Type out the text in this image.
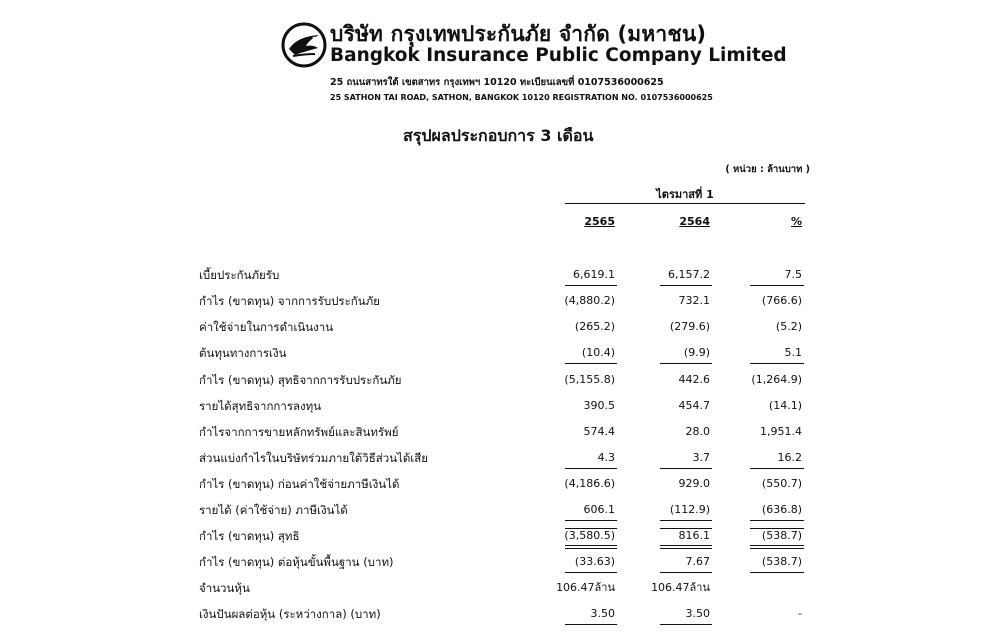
บริษัท กรุงเทพประกันภัย จำกัด (มหาชน)
Bangkok Insurance Public Company Limited
25 ถนนสาทรใต้ เขตสาทร กรุงเทพฯ 10120 ทะเบียนเลขที่ 0107536000625
25 SATHON TAI ROAD, SATHON, BANGKOK 10120 REGISTRATION NO. 0107536000625
สรุปผลประกอบการ 3 เดือน
( หน่วย : ล้านบาท )
ไตรมาสที่ 1
2565	2564	%
เบี้ยประกันภัยรับ	6,619.1	6,157.2	7.5
กำไร (ขาดทุน) จากการรับประกันภัย	(4,880.2)	732.1	(766.6)
ค่าใช้จ่ายในการดำเนินงาน	(265.2)	(279.6)	(5.2)
ต้นทุนทางการเงิน	(10.4)	(9.9)	5.1
กำไร (ขาดทุน) สุทธิจากการรับประกันภัย	(5,155.8)	442.6	(1,264.9)
รายได้สุทธิจากการลงทุน	390.5	454.7	(14.1)
กำไรจากการขายหลักทรัพย์และสินทรัพย์	574.4	28.0	1,951.4
ส่วนแบ่งกำไรในบริษัทร่วมภายใต้วิธีส่วนได้เสีย	4.3	3.7	16.2
กำไร (ขาดทุน) ก่อนค่าใช้จ่ายภาษีเงินได้	(4,186.6)	929.0	(550.7)
รายได้ (ค่าใช้จ่าย) ภาษีเงินได้	606.1	(112.9)	(636.8)
กำไร (ขาดทุน) สุทธิ	(3,580.5)	816.1	(538.7)
กำไร (ขาดทุน) ต่อหุ้นขั้นพื้นฐาน (บาท)	(33.63)	7.67	(538.7)
จำนวนหุ้น	106.47ล้าน	106.47ล้าน
เงินปันผลต่อหุ้น (ระหว่างกาล) (บาท)	3.50	3.50	-
